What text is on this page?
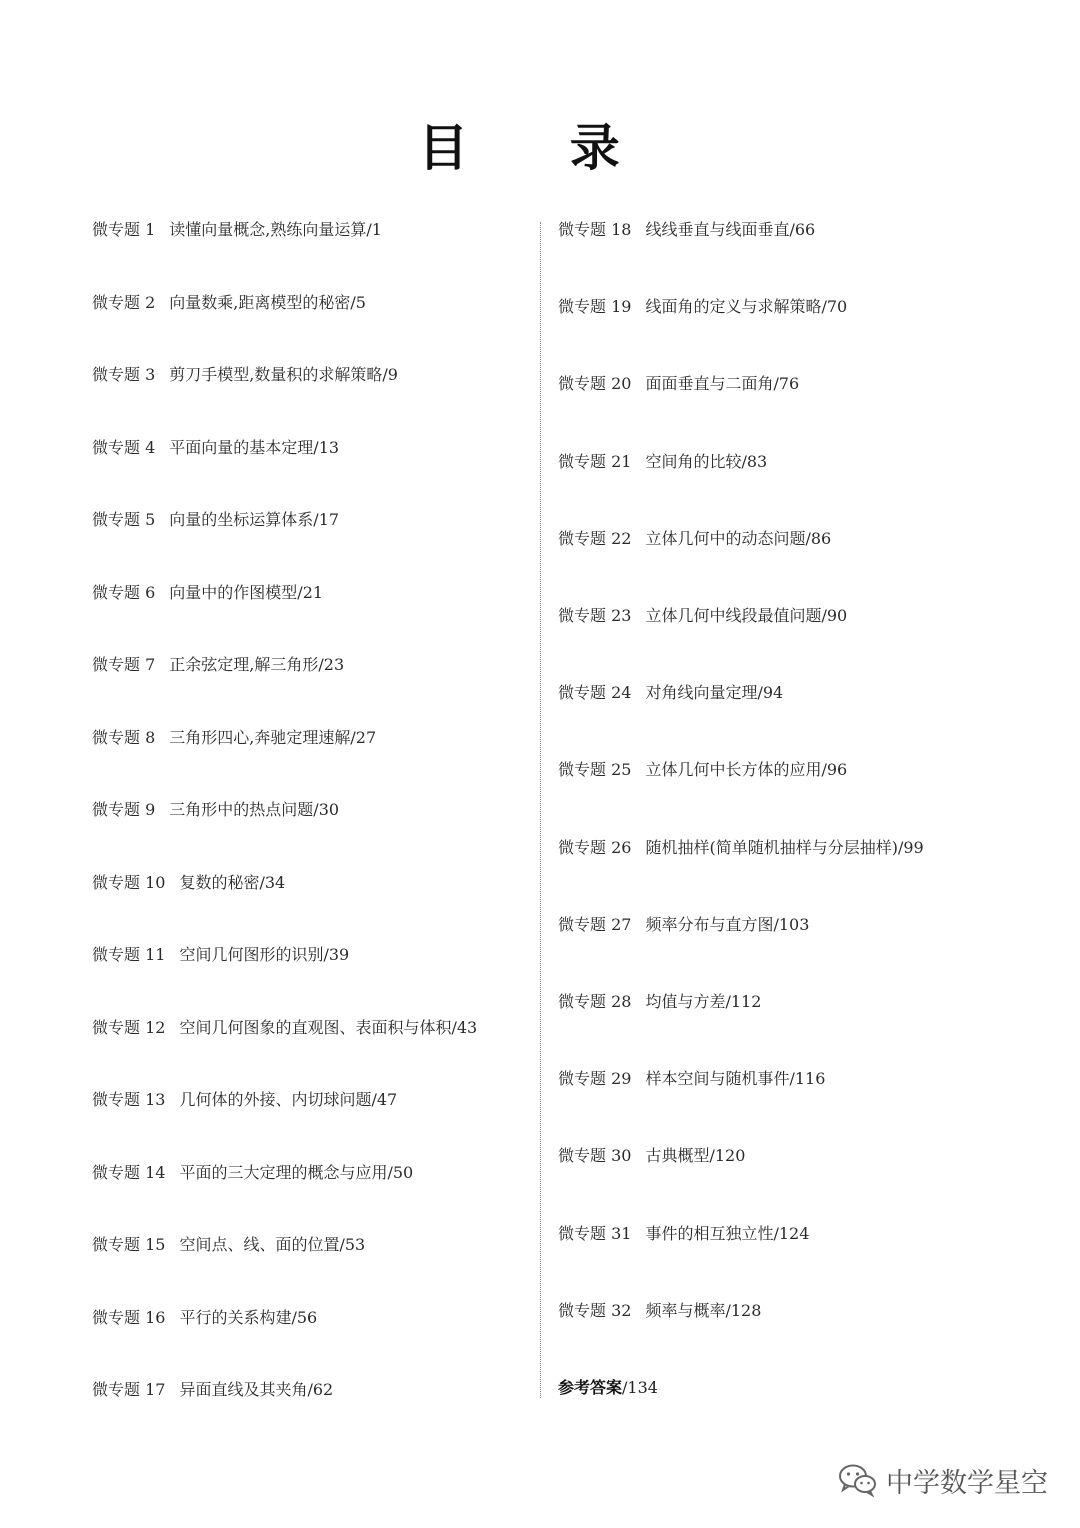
目 录
微专题 1 读懂向量概念,熟练向量运算/1
微专题 2 向量数乘,距离模型的秘密/5
微专题 3 剪刀手模型,数量积的求解策略/9
微专题 4 平面向量的基本定理/13
微专题 5 向量的坐标运算体系/17
微专题 6 向量中的作图模型/21
微专题 7 正余弦定理,解三角形/23
微专题 8 三角形四心,奔驰定理速解/27
微专题 9 三角形中的热点问题/30
微专题 10 复数的秘密/34
微专题 11 空间几何图形的识别/39
微专题 12 空间几何图象的直观图、表面积与体积/43
微专题 13 几何体的外接、内切球问题/47
微专题 14 平面的三大定理的概念与应用/50
微专题 15 空间点、线、面的位置/53
微专题 16 平行的关系构建/56
微专题 17 异面直线及其夹角/62
微专题 18 线线垂直与线面垂直/66
微专题 19 线面角的定义与求解策略/70
微专题 20 面面垂直与二面角/76
微专题 21 空间角的比较/83
微专题 22 立体几何中的动态问题/86
微专题 23 立体几何中线段最值问题/90
微专题 24 对角线向量定理/94
微专题 25 立体几何中长方体的应用/96
微专题 26 随机抽样(简单随机抽样与分层抽样)/99
微专题 27 频率分布与直方图/103
微专题 28 均值与方差/112
微专题 29 样本空间与随机事件/116
微专题 30 古典概型/120
微专题 31 事件的相互独立性/124
微专题 32 频率与概率/128
参考答案/134
中学数学星空
